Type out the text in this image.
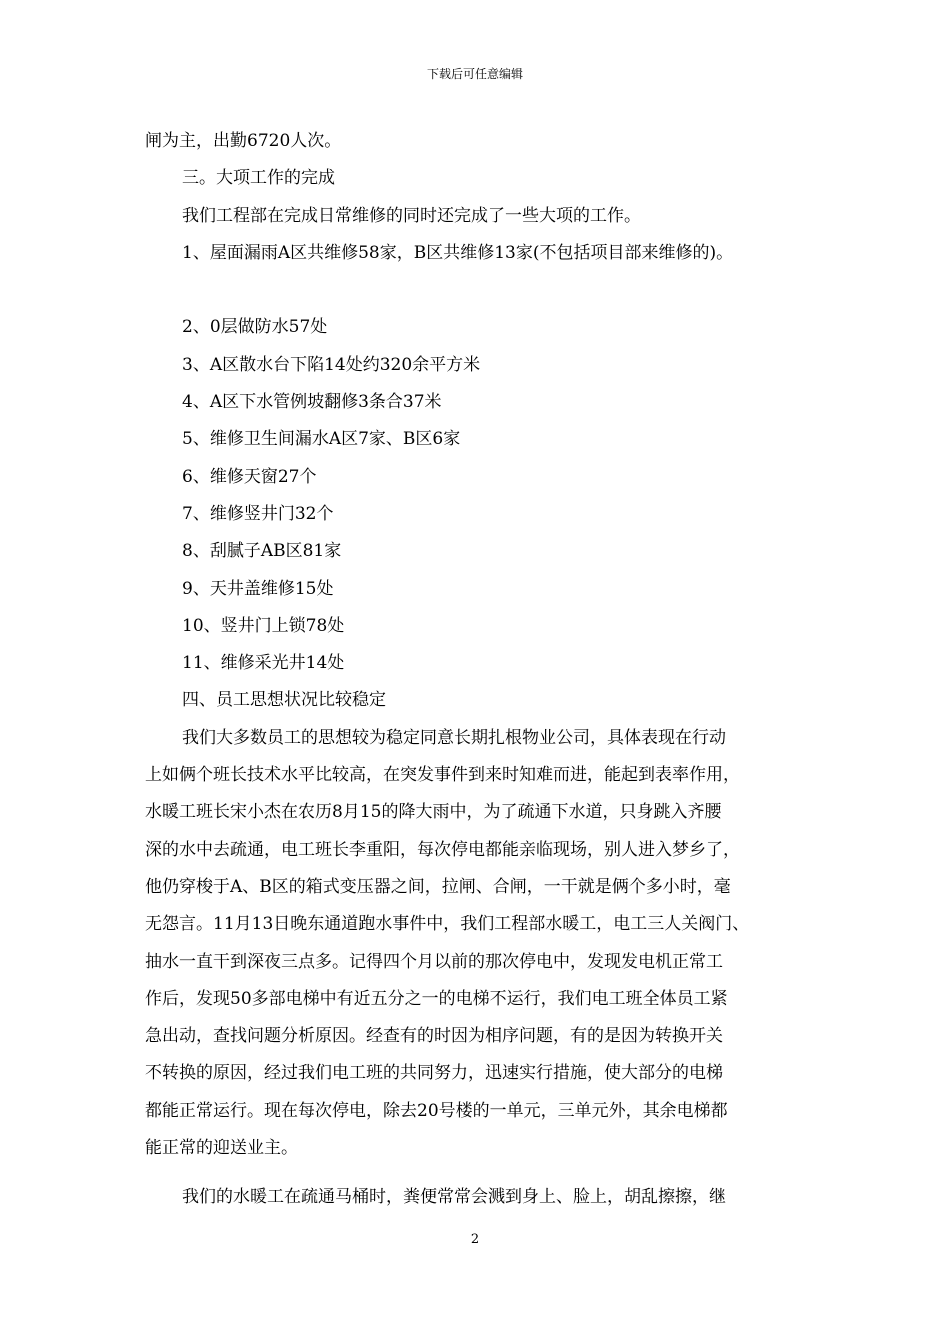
下载后可任意编辑
闸为主，出勤6720人次。
三。大项工作的完成
我们工程部在完成日常维修的同时还完成了一些大项的工作。
1、屋面漏雨A区共维修58家，B区共维修13家(不包括项目部来维修的)。
2、0层做防水57处
3、A区散水台下陷14处约320余平方米
4、A区下水管例坡翻修3条合37米
5、维修卫生间漏水A区7家、B区6家
6、维修天窗27个
7、维修竖井门32个
8、刮腻子AB区81家
9、天井盖维修15处
10、竖井门上锁78处
11、维修采光井14处
四、员工思想状况比较稳定
我们大多数员工的思想较为稳定同意长期扎根物业公司，具体表现在行动
上如俩个班长技术水平比较高，在突发事件到来时知难而进，能起到表率作用，
水暖工班长宋小杰在农历8月15的降大雨中，为了疏通下水道，只身跳入齐腰
深的水中去疏通，电工班长李重阳，每次停电都能亲临现场，别人进入梦乡了，
他仍穿梭于A、B区的箱式变压器之间，拉闸、合闸，一干就是俩个多小时，毫
无怨言。11月13日晚东通道跑水事件中，我们工程部水暖工，电工三人关阀门、
抽水一直干到深夜三点多。记得四个月以前的那次停电中，发现发电机正常工
作后，发现50多部电梯中有近五分之一的电梯不运行，我们电工班全体员工紧
急出动，查找问题分析原因。经查有的时因为相序问题，有的是因为转换开关
不转换的原因，经过我们电工班的共同努力，迅速实行措施，使大部分的电梯
都能正常运行。现在每次停电，除去20号楼的一单元，三单元外，其余电梯都
能正常的迎送业主。
我们的水暖工在疏通马桶时，粪便常常会溅到身上、脸上，胡乱擦擦，继
2
